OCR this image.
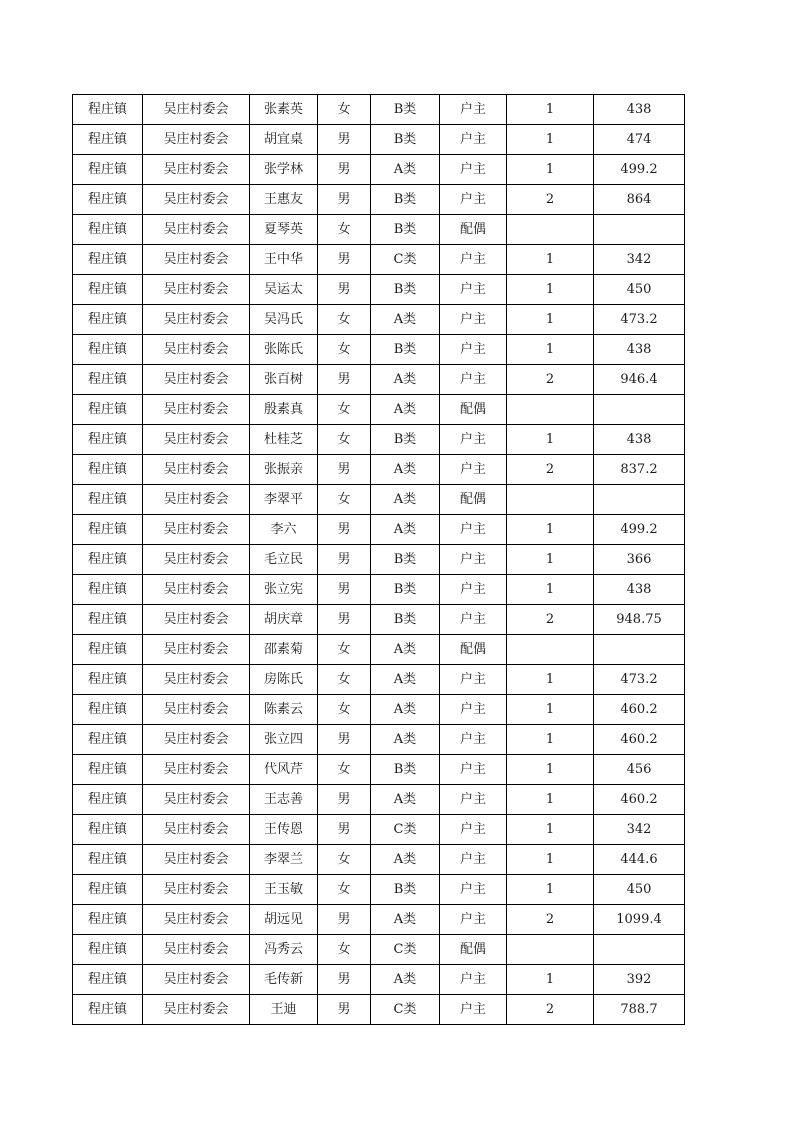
程庄镇	吴庄村委会	张素英	女	B类	户主	1	438
程庄镇	吴庄村委会	胡宜桌	男	B类	户主	1	474
程庄镇	吴庄村委会	张学林	男	A类	户主	1	499.2
程庄镇	吴庄村委会	王惠友	男	B类	户主	2	864
程庄镇	吴庄村委会	夏琴英	女	B类	配偶		
程庄镇	吴庄村委会	王中华	男	C类	户主	1	342
程庄镇	吴庄村委会	吴运太	男	B类	户主	1	450
程庄镇	吴庄村委会	吴冯氏	女	A类	户主	1	473.2
程庄镇	吴庄村委会	张陈氏	女	B类	户主	1	438
程庄镇	吴庄村委会	张百树	男	A类	户主	2	946.4
程庄镇	吴庄村委会	殷素真	女	A类	配偶		
程庄镇	吴庄村委会	杜桂芝	女	B类	户主	1	438
程庄镇	吴庄村委会	张振亲	男	A类	户主	2	837.2
程庄镇	吴庄村委会	李翠平	女	A类	配偶		
程庄镇	吴庄村委会	李六	男	A类	户主	1	499.2
程庄镇	吴庄村委会	毛立民	男	B类	户主	1	366
程庄镇	吴庄村委会	张立宪	男	B类	户主	1	438
程庄镇	吴庄村委会	胡庆章	男	B类	户主	2	948.75
程庄镇	吴庄村委会	邵素菊	女	A类	配偶		
程庄镇	吴庄村委会	房陈氏	女	A类	户主	1	473.2
程庄镇	吴庄村委会	陈素云	女	A类	户主	1	460.2
程庄镇	吴庄村委会	张立四	男	A类	户主	1	460.2
程庄镇	吴庄村委会	代风芹	女	B类	户主	1	456
程庄镇	吴庄村委会	王志善	男	A类	户主	1	460.2
程庄镇	吴庄村委会	王传恩	男	C类	户主	1	342
程庄镇	吴庄村委会	李翠兰	女	A类	户主	1	444.6
程庄镇	吴庄村委会	王玉敏	女	B类	户主	1	450
程庄镇	吴庄村委会	胡远见	男	A类	户主	2	1099.4
程庄镇	吴庄村委会	冯秀云	女	C类	配偶		
程庄镇	吴庄村委会	毛传新	男	A类	户主	1	392
程庄镇	吴庄村委会	王迪	男	C类	户主	2	788.7
